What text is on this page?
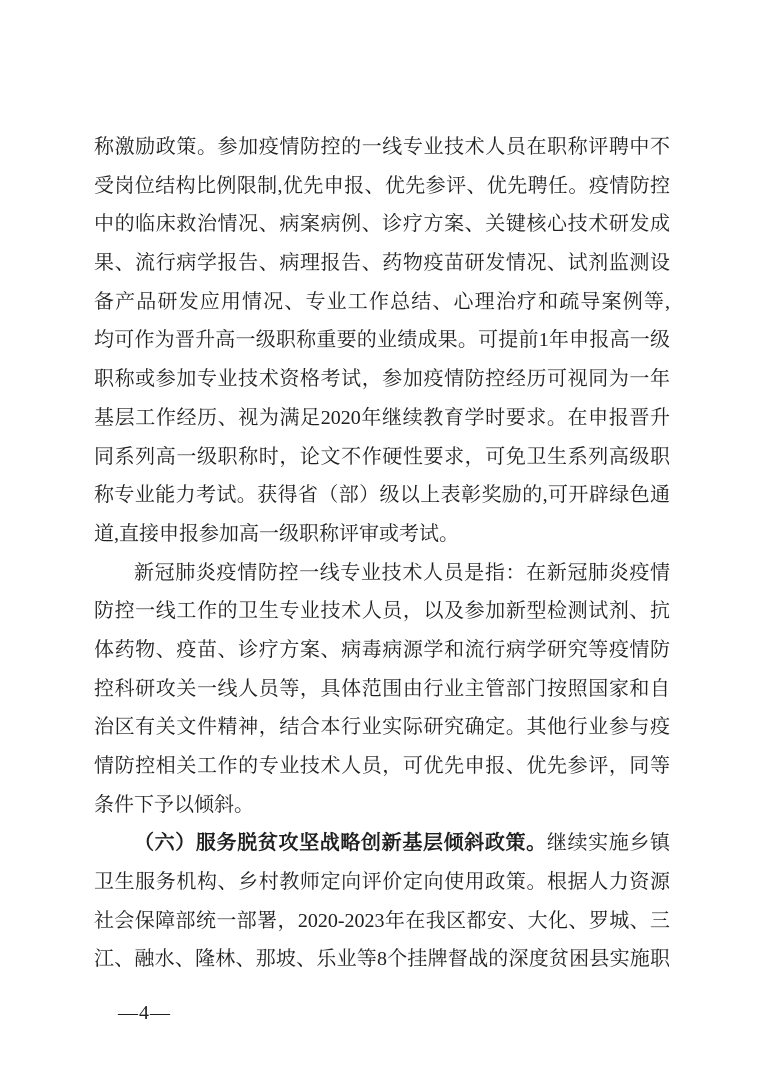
称激励政策。参加疫情防控的一线专业技术人员在职称评聘中不
受岗位结构比例限制,优先申报、优先参评、优先聘任。疫情防控
中的临床救治情况、病案病例、诊疗方案、关键核心技术研发成
果、流行病学报告、病理报告、药物疫苗研发情况、试剂监测设
备产品研发应用情况、专业工作总结、心理治疗和疏导案例等,
均可作为晋升高一级职称重要的业绩成果。可提前1年申报高一级
职称或参加专业技术资格考试，参加疫情防控经历可视同为一年
基层工作经历、视为满足2020年继续教育学时要求。在申报晋升
同系列高一级职称时，论文不作硬性要求，可免卫生系列高级职
称专业能力考试。获得省（部）级以上表彰奖励的,可开辟绿色通
道,直接申报参加高一级职称评审或考试。
新冠肺炎疫情防控一线专业技术人员是指：在新冠肺炎疫情
防控一线工作的卫生专业技术人员，以及参加新型检测试剂、抗
体药物、疫苗、诊疗方案、病毒病源学和流行病学研究等疫情防
控科研攻关一线人员等，具体范围由行业主管部门按照国家和自
治区有关文件精神，结合本行业实际研究确定。其他行业参与疫
情防控相关工作的专业技术人员，可优先申报、优先参评，同等
条件下予以倾斜。
（六）服务脱贫攻坚战略创新基层倾斜政策。继续实施乡镇
卫生服务机构、乡村教师定向评价定向使用政策。根据人力资源
社会保障部统一部署，2020-2023年在我区都安、大化、罗城、三
江、融水、隆林、那坡、乐业等8个挂牌督战的深度贫困县实施职
—4—
